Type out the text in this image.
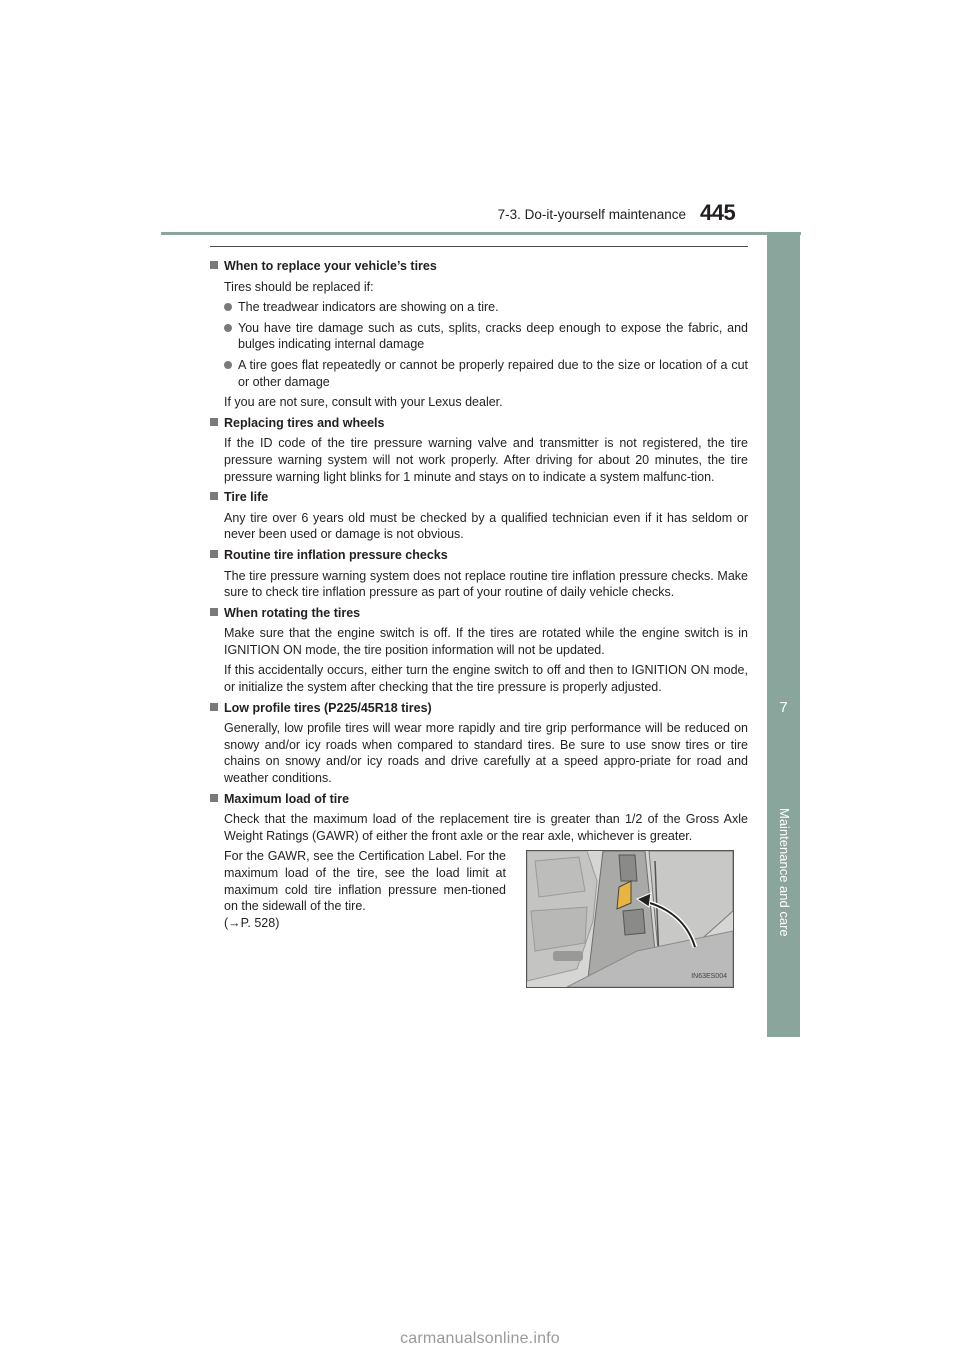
7-3. Do-it-yourself maintenance 445
7
Maintenance and care
When to replace your vehicle’s tires
Tires should be replaced if:
The treadwear indicators are showing on a tire.
You have tire damage such as cuts, splits, cracks deep enough to expose the fabric, and bulges indicating internal damage
A tire goes flat repeatedly or cannot be properly repaired due to the size or location of a cut or other damage
If you are not sure, consult with your Lexus dealer.
Replacing tires and wheels
If the ID code of the tire pressure warning valve and transmitter is not registered, the tire pressure warning system will not work properly. After driving for about 20 minutes, the tire pressure warning light blinks for 1 minute and stays on to indicate a system malfunc-tion.
Tire life
Any tire over 6 years old must be checked by a qualified technician even if it has seldom or never been used or damage is not obvious.
Routine tire inflation pressure checks
The tire pressure warning system does not replace routine tire inflation pressure checks. Make sure to check tire inflation pressure as part of your routine of daily vehicle checks.
When rotating the tires
Make sure that the engine switch is off. If the tires are rotated while the engine switch is in IGNITION ON mode, the tire position information will not be updated.
If this accidentally occurs, either turn the engine switch to off and then to IGNITION ON mode, or initialize the system after checking that the tire pressure is properly adjusted.
Low profile tires (P225/45R18 tires)
Generally, low profile tires will wear more rapidly and tire grip performance will be reduced on snowy and/or icy roads when compared to standard tires. Be sure to use snow tires or tire chains on snowy and/or icy roads and drive carefully at a speed appro-priate for road and weather conditions.
Maximum load of tire
Check that the maximum load of the replacement tire is greater than 1/2 of the Gross Axle Weight Ratings (GAWR) of either the front axle or the rear axle, whichever is greater.
For the GAWR, see the Certification Label. For the maximum load of the tire, see the load limit at maximum cold tire inflation pressure men-tioned on the sidewall of the tire.
(→P. 528)
IN63ES004
carmanualsonline.info
